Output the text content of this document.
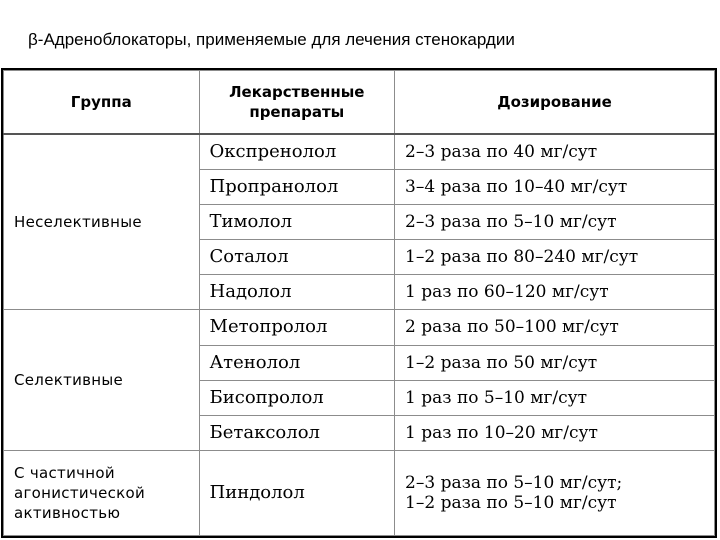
β-Адреноблокаторы, применяемые для лечения стенокардии
Группа	Лекарственные препараты	Дозирование
Неселективные	Окспренолол	2–3 раза по 40 мг/сут
	Пропранолол	3–4 раза по 10–40 мг/сут
	Тимолол	2–3 раза по 5–10 мг/сут
	Соталол	1–2 раза по 80–240 мг/сут
	Надолол	1 раз по 60–120 мг/сут
Селективные	Метопролол	2 раза по 50–100 мг/сут
	Атенолол	1–2 раза по 50 мг/сут
	Бисопролол	1 раз по 5–10 мг/сут
	Бетаксолол	1 раз по 10–20 мг/сут
С частичной агонистической активностью	Пиндолол	2–3 раза по 5–10 мг/сут;
1–2 раза по 5–10 мг/сут
